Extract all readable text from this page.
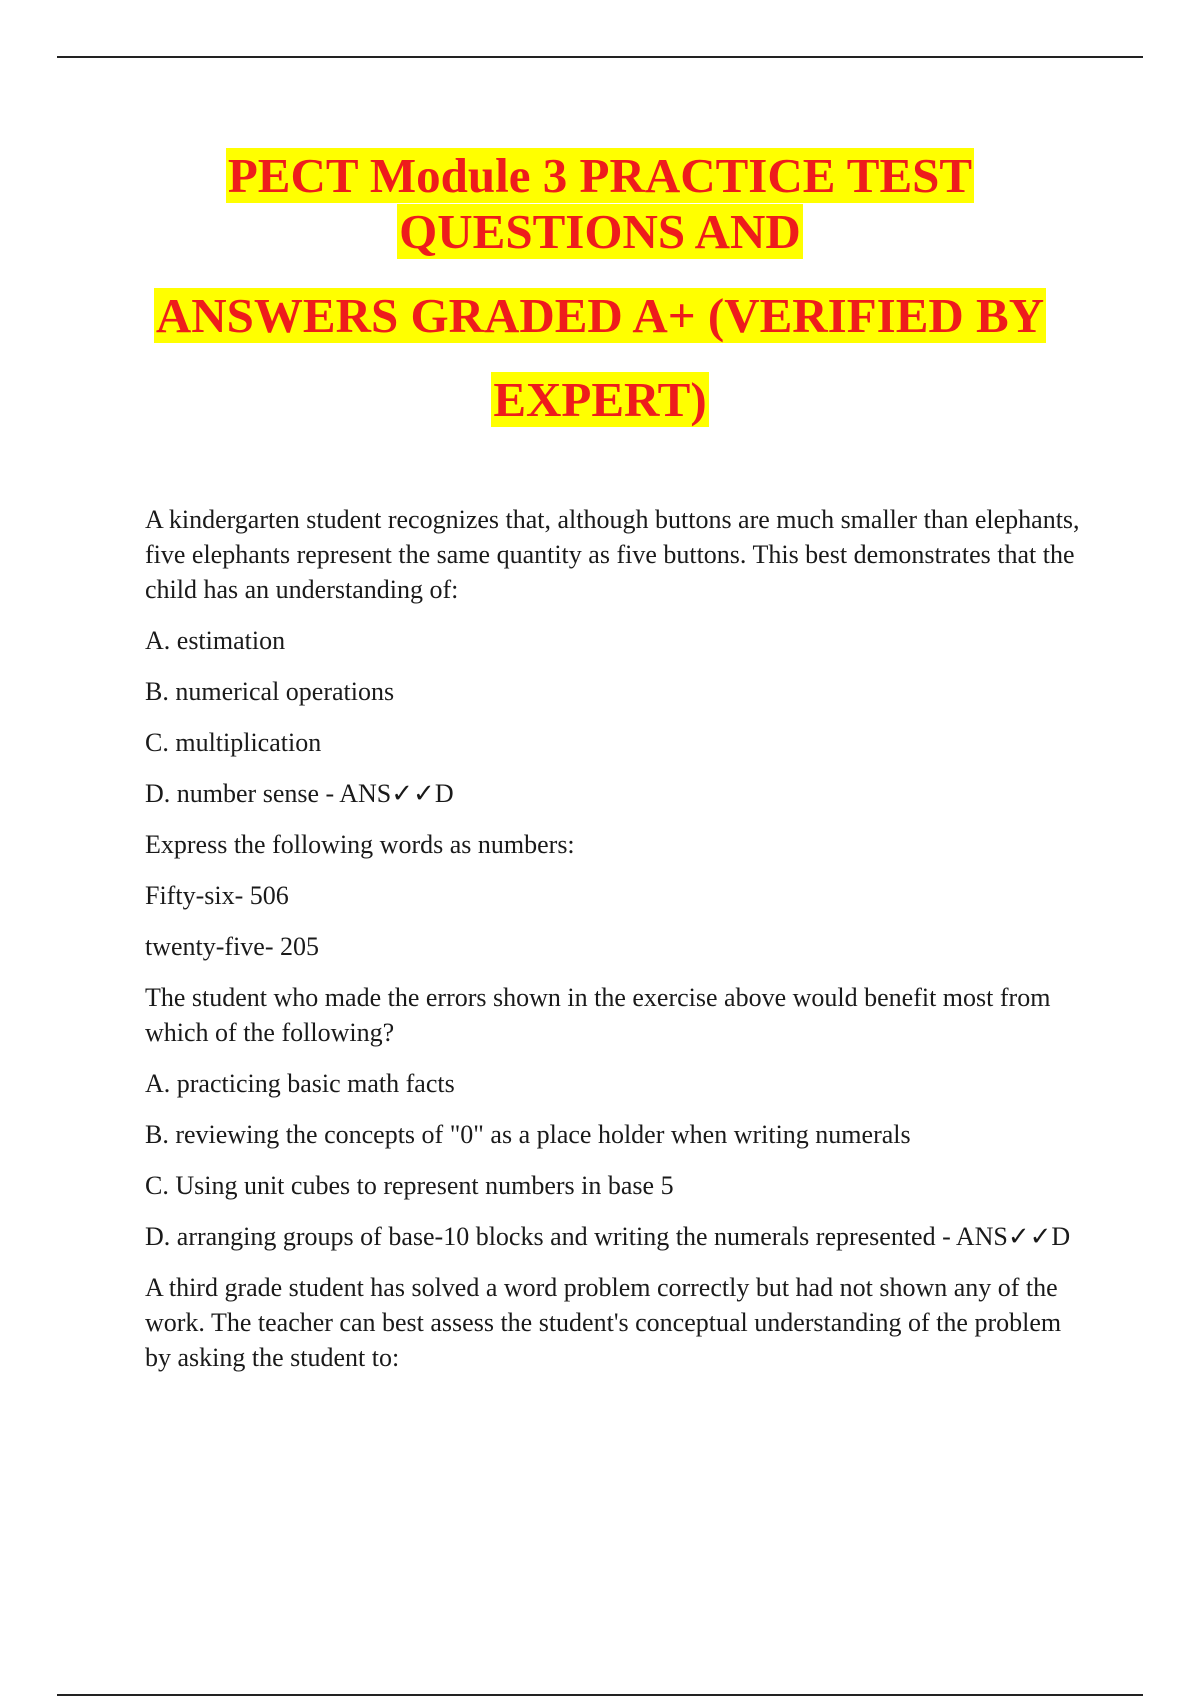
PECT Module 3 PRACTICE TEST
QUESTIONS AND
ANSWERS GRADED A+ (VERIFIED BY
EXPERT)

A kindergarten student recognizes that, although buttons are much smaller than elephants, five elephants represent the same quantity as five buttons. This best demonstrates that the child has an understanding of:

A. estimation

B. numerical operations

C. multiplication

D. number sense - ANS✓✓D

Express the following words as numbers:

Fifty-six- 506

twenty-five- 205

The student who made the errors shown in the exercise above would benefit most from which of the following?

A. practicing basic math facts

B. reviewing the concepts of "0" as a place holder when writing numerals

C. Using unit cubes to represent numbers in base 5

D. arranging groups of base-10 blocks and writing the numerals represented - ANS✓✓D

A third grade student has solved a word problem correctly but had not shown any of the work. The teacher can best assess the student's conceptual understanding of the problem by asking the student to:
